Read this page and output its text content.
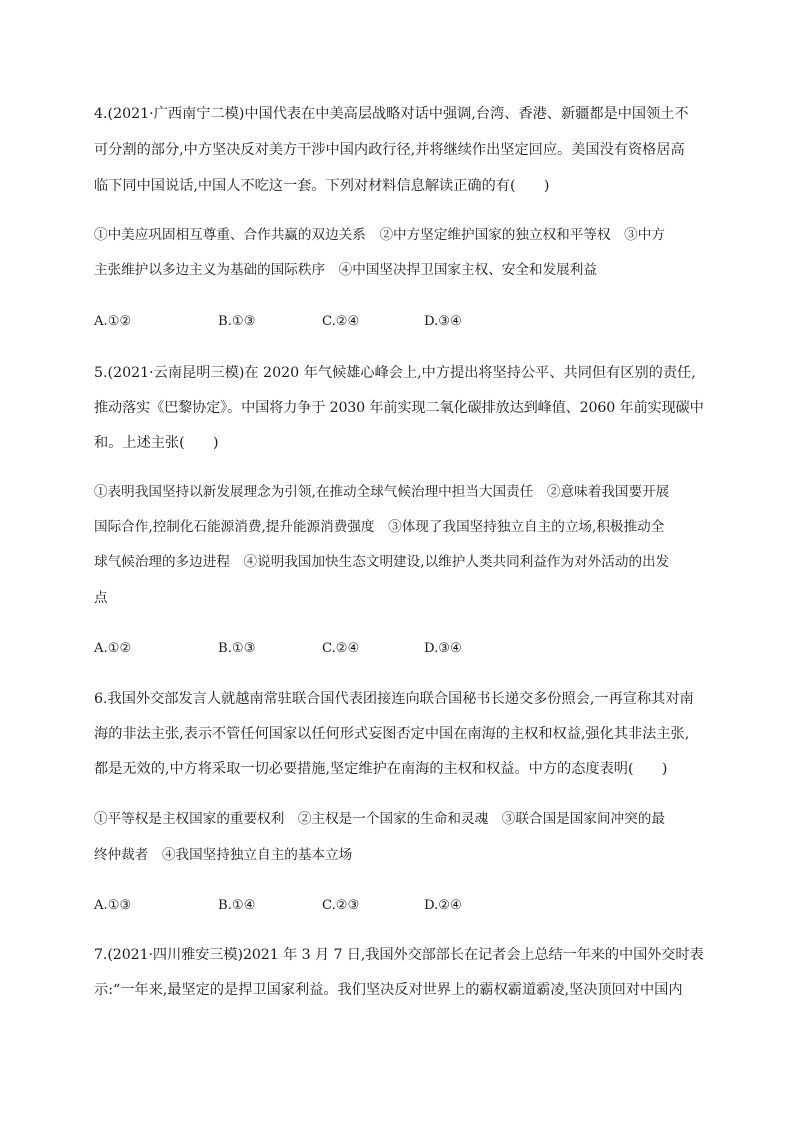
4.(2021·广西南宁二模)中国代表在中美高层战略对话中强调,台湾、香港、新疆都是中国领土不
可分割的部分,中方坚决反对美方干涉中国内政行径,并将继续作出坚定回应。美国没有资格居高
临下同中国说话,中国人不吃这一套。下列对材料信息解读正确的有(　　)
①中美应巩固相互尊重、合作共赢的双边关系　②中方坚定维护国家的独立权和平等权　③中方
主张维护以多边主义为基础的国际秩序　④中国坚决捍卫国家主权、安全和发展利益
A.①②	B.①③	C.②④	D.③④
5.(2021·云南昆明三模)在 2020 年气候雄心峰会上,中方提出将坚持公平、共同但有区别的责任,
推动落实《巴黎协定》。中国将力争于 2030 年前实现二氧化碳排放达到峰值、2060 年前实现碳中
和。上述主张(　　)
①表明我国坚持以新发展理念为引领,在推动全球气候治理中担当大国责任　②意味着我国要开展
国际合作,控制化石能源消费,提升能源消费强度　③体现了我国坚持独立自主的立场,积极推动全
球气候治理的多边进程　④说明我国加快生态文明建设,以维护人类共同利益作为对外活动的出发
点
A.①②	B.①③	C.②④	D.③④
6.我国外交部发言人就越南常驻联合国代表团接连向联合国秘书长递交多份照会,一再宣称其对南
海的非法主张,表示不管任何国家以任何形式妄图否定中国在南海的主权和权益,强化其非法主张,
都是无效的,中方将采取一切必要措施,坚定维护在南海的主权和权益。中方的态度表明(　　)
①平等权是主权国家的重要权利　②主权是一个国家的生命和灵魂　③联合国是国家间冲突的最
终仲裁者　④我国坚持独立自主的基本立场
A.①③	B.①④	C.②③	D.②④
7.(2021·四川雅安三模)2021 年 3 月 7 日,我国外交部部长在记者会上总结一年来的中国外交时表
示:“一年来,最坚定的是捍卫国家利益。我们坚决反对世界上的霸权霸道霸凌,坚决顶回对中国内
